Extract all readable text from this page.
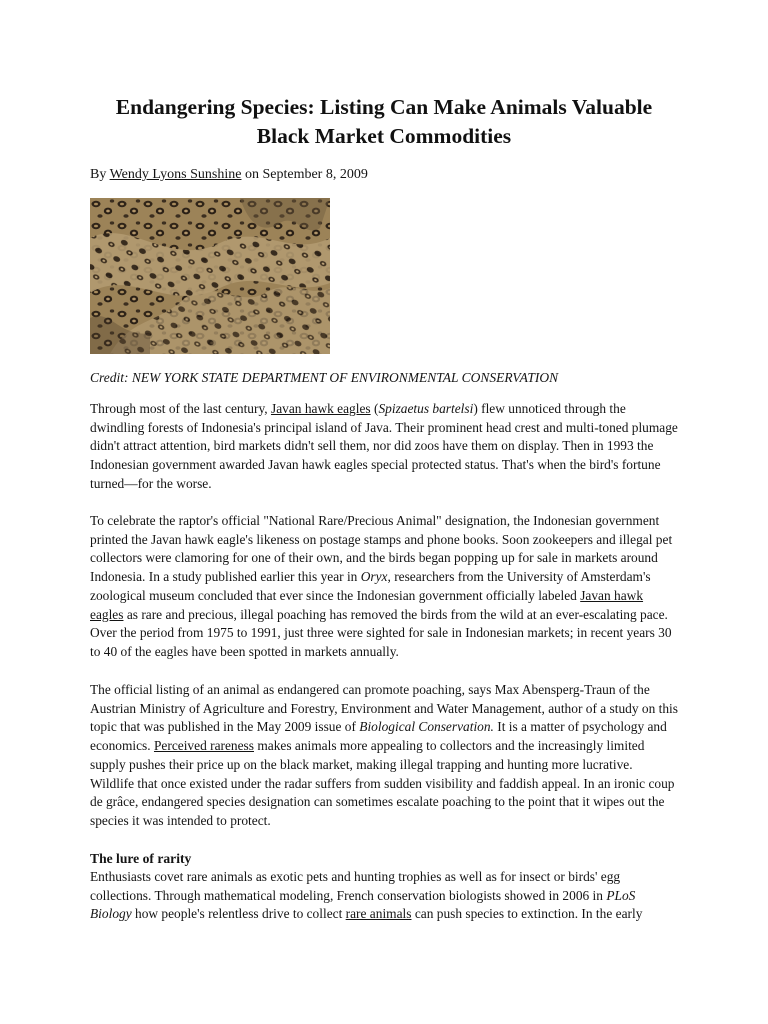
Endangering Species: Listing Can Make Animals Valuable Black Market Commodities
By Wendy Lyons Sunshine on September 8, 2009
Credit: NEW YORK STATE DEPARTMENT OF ENVIRONMENTAL CONSERVATION

Through most of the last century, Javan hawk eagles (Spizaetus bartelsi) flew unnoticed through the dwindling forests of Indonesia's principal island of Java. Their prominent head crest and multi-toned plumage didn't attract attention, bird markets didn't sell them, nor did zoos have them on display. Then in 1993 the Indonesian government awarded Javan hawk eagles special protected status. That's when the bird's fortune turned—for the worse.

To celebrate the raptor's official "National Rare/Precious Animal" designation, the Indonesian government printed the Javan hawk eagle's likeness on postage stamps and phone books. Soon zookeepers and illegal pet collectors were clamoring for one of their own, and the birds began popping up for sale in markets around Indonesia. In a study published earlier this year in Oryx, researchers from the University of Amsterdam's zoological museum concluded that ever since the Indonesian government officially labeled Javan hawk eagles as rare and precious, illegal poaching has removed the birds from the wild at an ever-escalating pace. Over the period from 1975 to 1991, just three were sighted for sale in Indonesian markets; in recent years 30 to 40 of the eagles have been spotted in markets annually.

The official listing of an animal as endangered can promote poaching, says Max Abensperg-Traun of the Austrian Ministry of Agriculture and Forestry, Environment and Water Management, author of a study on this topic that was published in the May 2009 issue of Biological Conservation. It is a matter of psychology and economics. Perceived rareness makes animals more appealing to collectors and the increasingly limited supply pushes their price up on the black market, making illegal trapping and hunting more lucrative. Wildlife that once existed under the radar suffers from sudden visibility and faddish appeal. In an ironic coup de grâce, endangered species designation can sometimes escalate poaching to the point that it wipes out the species it was intended to protect.

The lure of rarity

Enthusiasts covet rare animals as exotic pets and hunting trophies as well as for insect or birds' egg collections. Through mathematical modeling, French conservation biologists showed in 2006 in PLoS Biology how people's relentless drive to collect rare animals can push species to extinction. In the early
